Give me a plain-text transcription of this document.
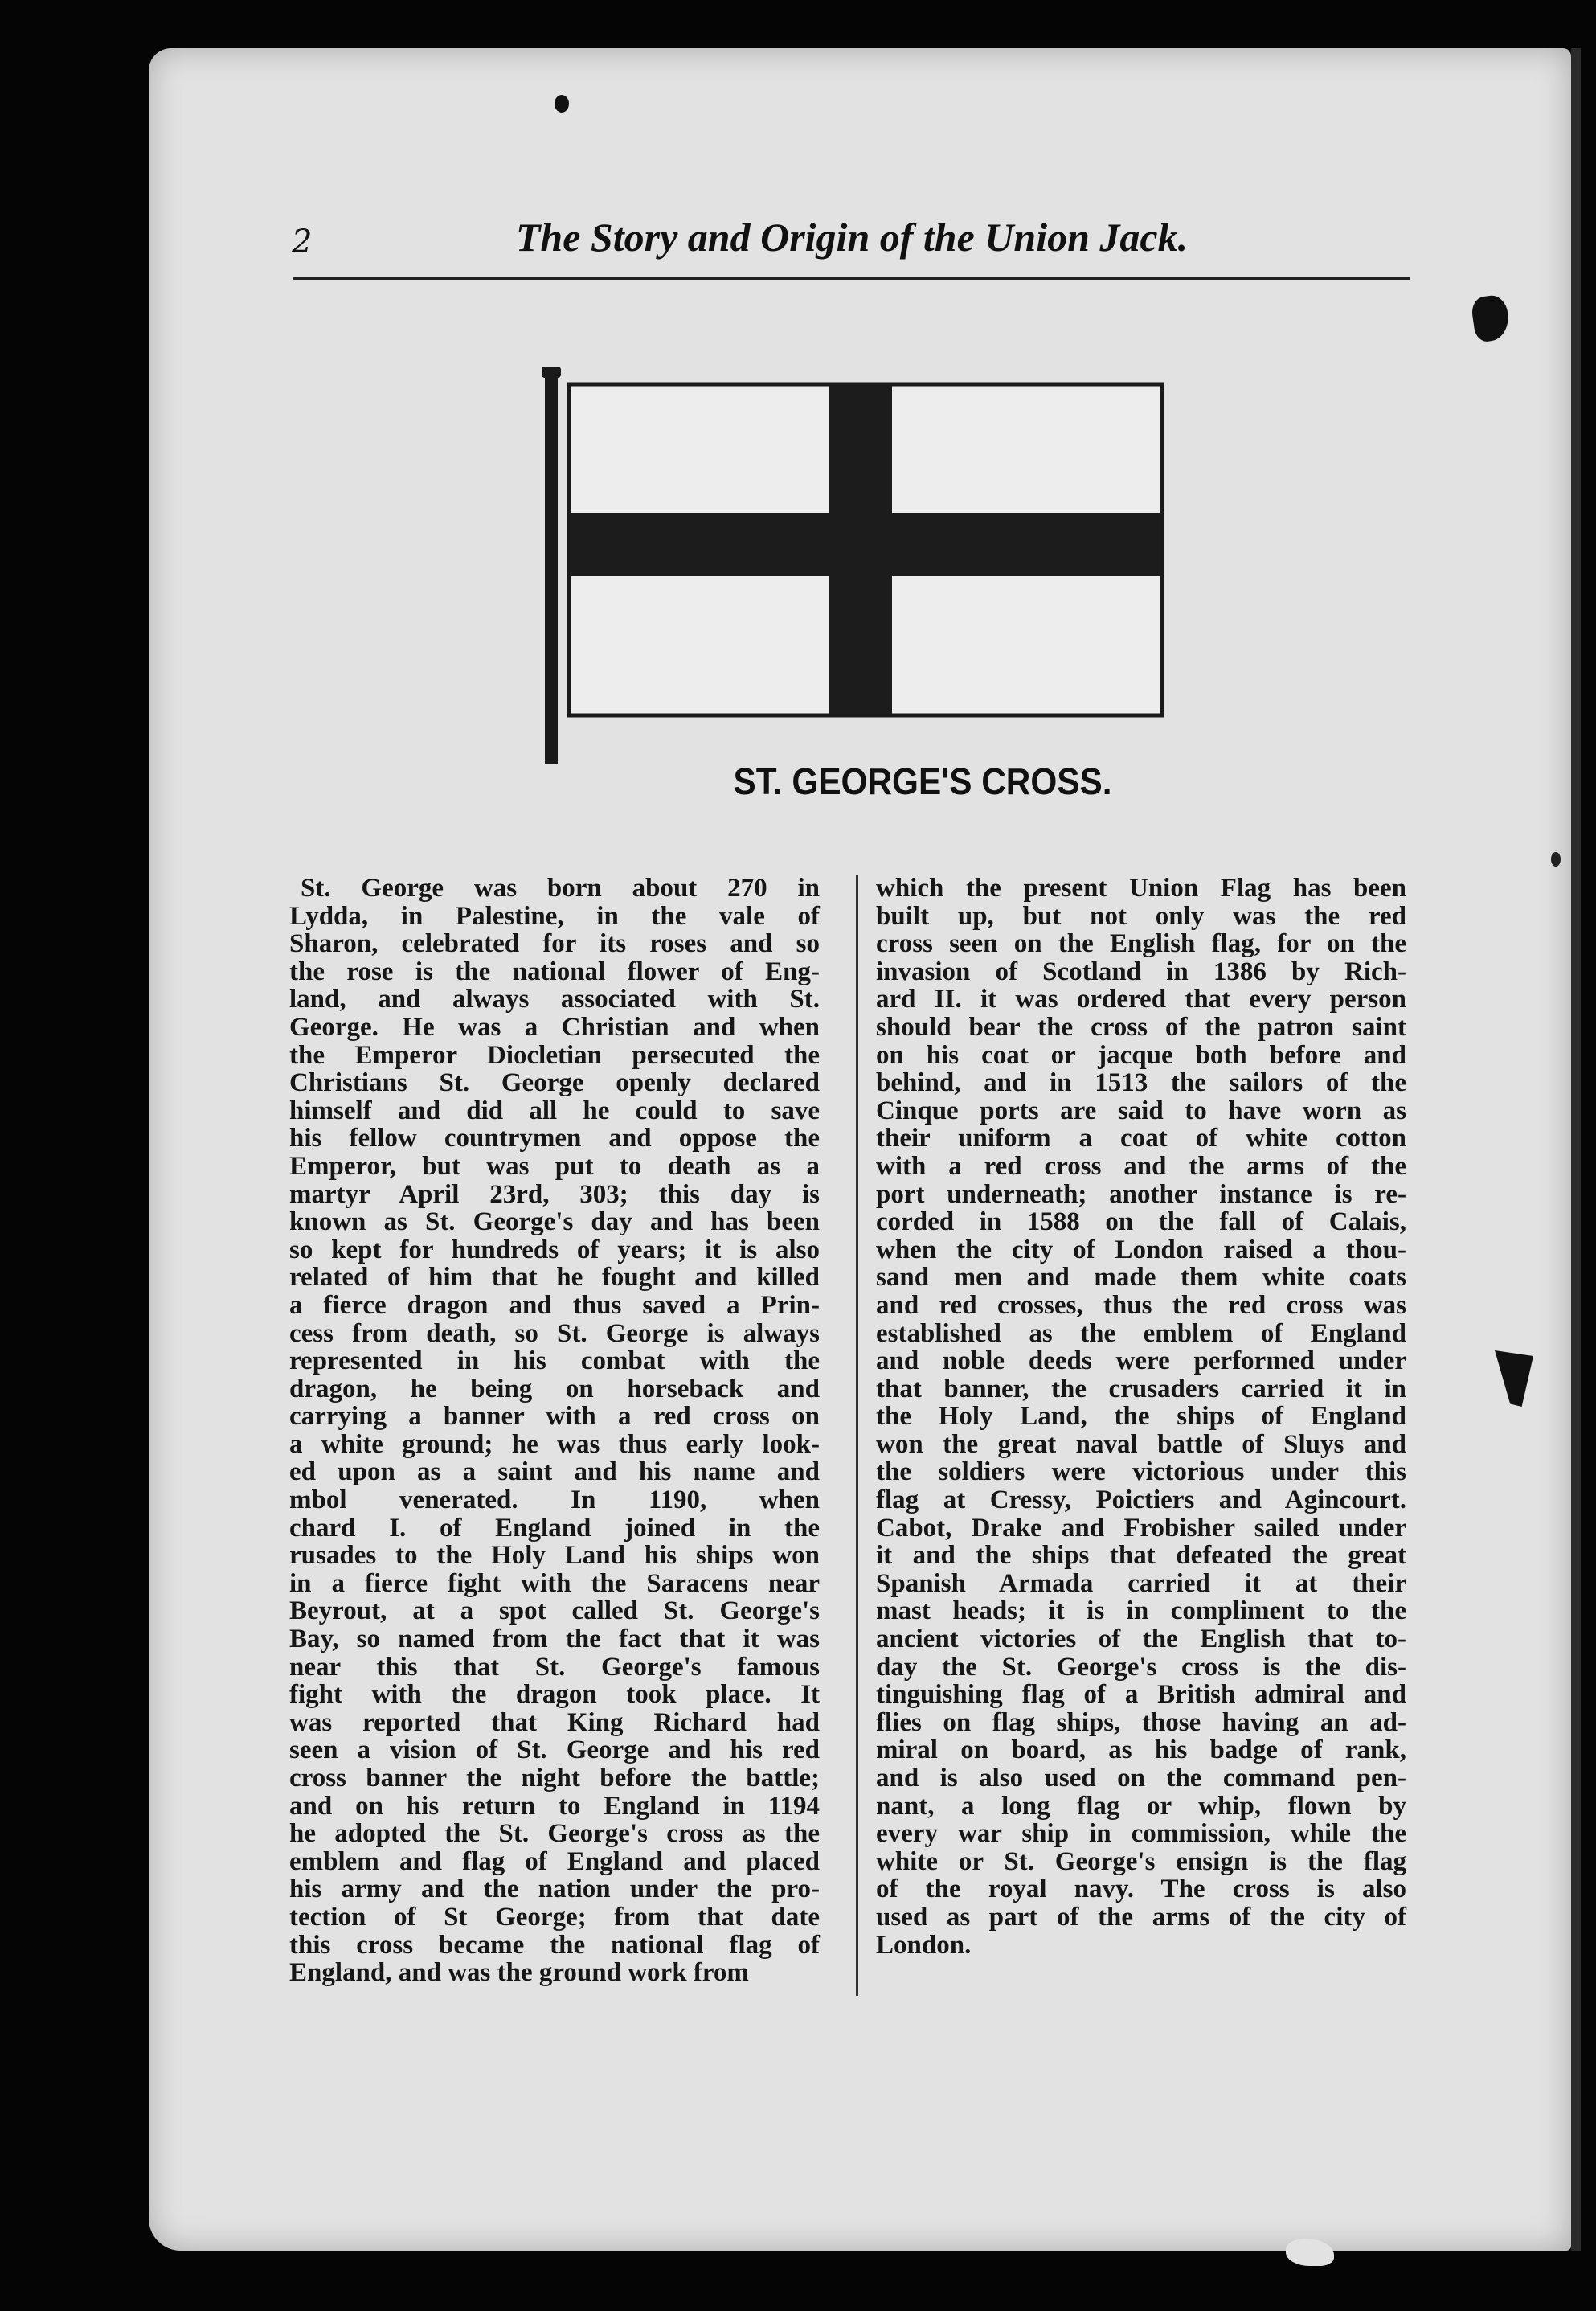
2	The Story and Origin of the Union Jack.
ST. GEORGE'S CROSS.
St. George was born about 270 in
Lydda, in Palestine, in the vale of
Sharon, celebrated for its roses and so
the rose is the national flower of Eng-
land, and always associated with St.
George. He was a Christian and when
the Emperor Diocletian persecuted the
Christians St. George openly declared
himself and did all he could to save
his fellow countrymen and oppose the
Emperor, but was put to death as a
martyr April 23rd, 303; this day is
known as St. George's day and has been
so kept for hundreds of years; it is also
related of him that he fought and killed
a fierce dragon and thus saved a Prin-
cess from death, so St. George is always
represented in his combat with the
dragon, he being on horseback and
carrying a banner with a red cross on
a white ground; he was thus early look-
ed upon as a saint and his name and
mbol venerated. In 1190, when
chard I. of England joined in the
rusades to the Holy Land his ships won
in a fierce fight with the Saracens near
Beyrout, at a spot called St. George's
Bay, so named from the fact that it was
near this that St. George's famous
fight with the dragon took place. It
was reported that King Richard had
seen a vision of St. George and his red
cross banner the night before the battle;
and on his return to England in 1194
he adopted the St. George's cross as the
emblem and flag of England and placed
his army and the nation under the pro-
tection of St George; from that date
this cross became the national flag of
England, and was the ground work from
which the present Union Flag has been
built up, but not only was the red
cross seen on the English flag, for on the
invasion of Scotland in 1386 by Rich-
ard II. it was ordered that every person
should bear the cross of the patron saint
on his coat or jacque both before and
behind, and in 1513 the sailors of the
Cinque ports are said to have worn as
their uniform a coat of white cotton
with a red cross and the arms of the
port underneath; another instance is re-
corded in 1588 on the fall of Calais,
when the city of London raised a thou-
sand men and made them white coats
and red crosses, thus the red cross was
established as the emblem of England
and noble deeds were performed under
that banner, the crusaders carried it in
the Holy Land, the ships of England
won the great naval battle of Sluys and
the soldiers were victorious under this
flag at Cressy, Poictiers and Agincourt.
Cabot, Drake and Frobisher sailed under
it and the ships that defeated the great
Spanish Armada carried it at their
mast heads; it is in compliment to the
ancient victories of the English that to-
day the St. George's cross is the dis-
tinguishing flag of a British admiral and
flies on flag ships, those having an ad-
miral on board, as his badge of rank,
and is also used on the command pen-
nant, a long flag or whip, flown by
every war ship in commission, while the
white or St. George's ensign is the flag
of the royal navy. The cross is also
used as part of the arms of the city of
London.
